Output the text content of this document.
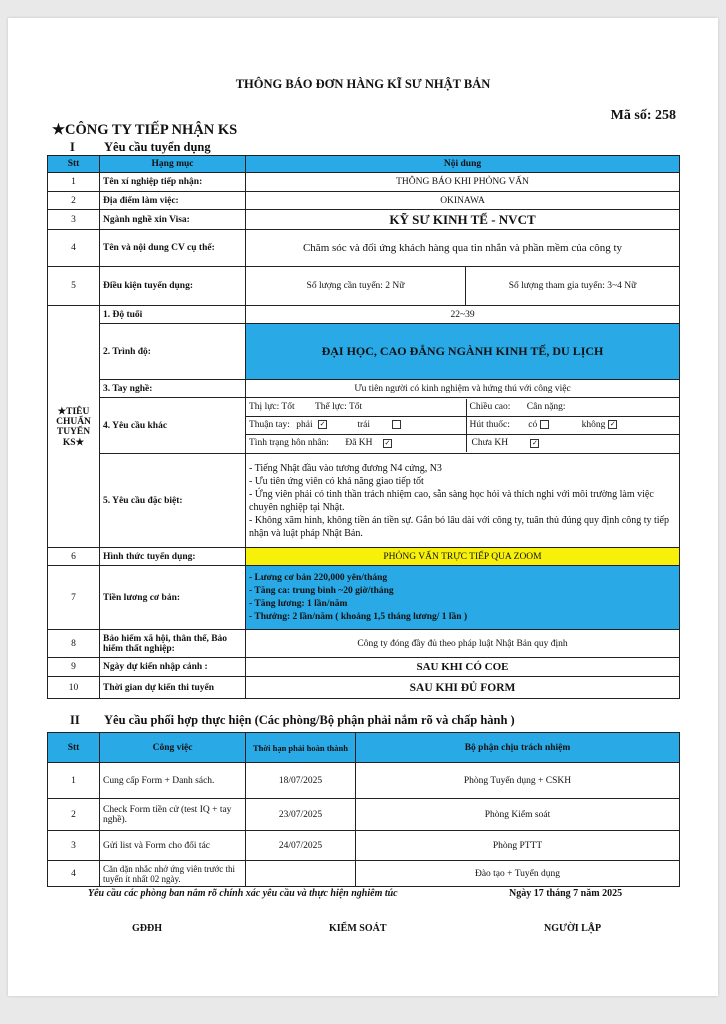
THÔNG BÁO ĐƠN HÀNG KĨ SƯ NHẬT BẢN
Mã số: 258
★CÔNG TY TIẾP NHẬN KS
I Yêu cầu tuyển dụng
Stt	Hạng mục	Nội dung
1	Tên xí nghiệp tiếp nhận:	THÔNG BÁO KHI PHỎNG VẤN
2	Địa điểm làm việc:	OKINAWA
3	Ngành nghề xin Visa:	KỸ SƯ KINH TẾ - NVCT
4	Tên và nội dung CV cụ thể:	Chăm sóc và đối ứng khách hàng qua tin nhắn và phần mềm của công ty
5	Điều kiện tuyển dụng:	Số lượng cần tuyển: 2 Nữ	Số lượng tham gia tuyển: 3~4 Nữ
★TIÊU CHUẨN TUYỂN KS★	1. Độ tuổi	22~39
2. Trình độ:	ĐẠI HỌC, CAO ĐẲNG NGÀNH KINH TẾ, DU LỊCH
3. Tay nghề:	Ưu tiên người có kinh nghiệm và hứng thú với công việc
4. Yêu cầu khác	
Thị lực: Tốt Thể lực: Tốt	Chiều cao: Cân nặng:
Thuận tay: phải ✓	trái	Hút thuốc: có	không ✓
Tình trạng hôn nhân: Đã KH ✓	Chưa KH	✓

5. Yêu cầu đặc biệt:	
- Tiếng Nhật đầu vào tương đương N4 cứng, N3
- Ưu tiên ứng viên có khả năng giao tiếp tốt
- Ứng viên phải có tinh thần trách nhiệm cao, sẵn sàng học hỏi và thích nghi với môi trường làm việc chuyên nghiệp tại Nhật.
- Không xăm hình, không tiền án tiền sự. Gắn bó lâu dài với công ty, tuân thủ đúng quy định công ty tiếp nhận và luật pháp Nhật Bản.

6	Hình thức tuyển dụng:	PHỎNG VẤN TRỰC TIẾP QUA ZOOM
7	Tiền lương cơ bản:	
- Lương cơ bản 220,000 yên/tháng
- Tăng ca: trung bình ~20 giờ/tháng
- Tăng lương: 1 lần/năm
- Thưởng: 2 lần/năm ( khoảng 1,5 tháng lương/ 1 lần )

8	Bảo hiểm xã hội, thân thể, Bảo hiểm thất nghiệp:	Công ty đóng đầy đủ theo pháp luật Nhật Bản quy định
9	Ngày dự kiến nhập cảnh :	SAU KHI CÓ COE
10	Thời gian dự kiến thi tuyển	SAU KHI ĐỦ FORM
II Yêu cầu phối hợp thực hiện (Các phòng/Bộ phận phải nắm rõ và chấp hành )
Stt	Công việc	Thời hạn phải hoàn thành	Bộ phận chịu trách nhiệm
1	Cung cấp Form + Danh sách.	18/07/2025	Phòng Tuyển dụng + CSKH
2	Check Form tiền cử (test IQ + tay nghề).	23/07/2025	Phòng Kiểm soát
3	Gửi list và Form cho đối tác	24/07/2025	Phòng PTTT
4	Căn dặn nhắc nhở ứng viên trước thi tuyển ít nhất 02 ngày.		Đào tạo + Tuyển dụng
Yêu cầu các phòng ban nắm rõ chính xác yêu cầu và thực hiện nghiêm túc	Ngày 17 tháng 7 năm 2025
GĐĐH	KIỂM SOÁT	NGƯỜI LẬP
